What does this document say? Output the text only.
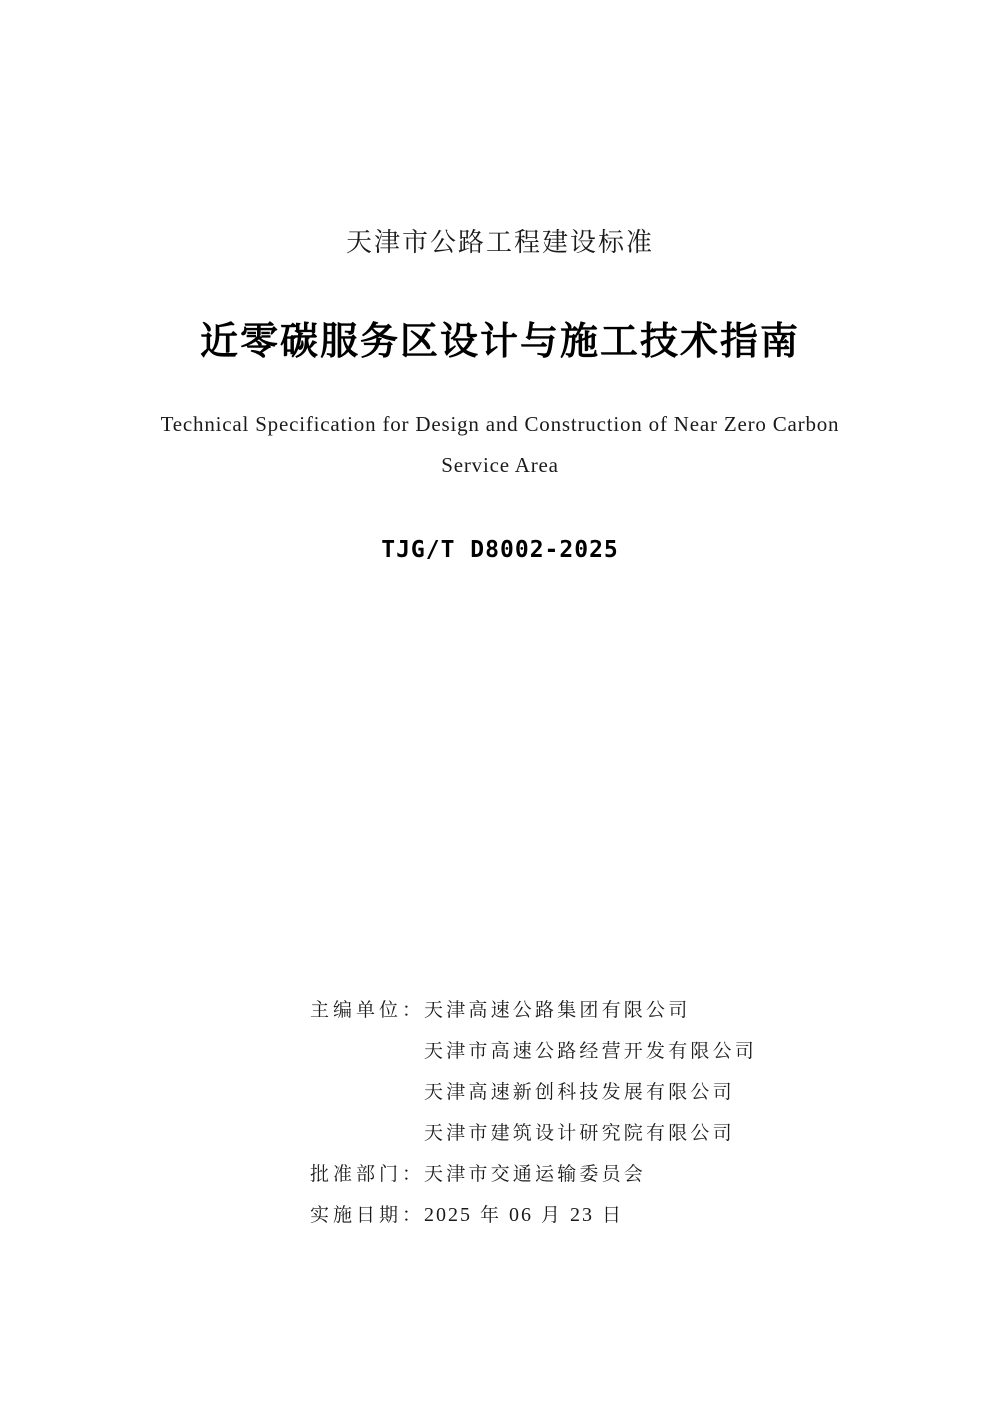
天津市公路工程建设标准
近零碳服务区设计与施工技术指南
Technical Specification for Design and Construction of Near Zero Carbon
Service Area
TJG/T D8002-2025
主编单位：
天津高速公路集团有限公司
天津市高速公路经营开发有限公司
天津高速新创科技发展有限公司
天津市建筑设计研究院有限公司
批准部门：
天津市交通运输委员会
实施日期：
2025 年 06 月 23 日
